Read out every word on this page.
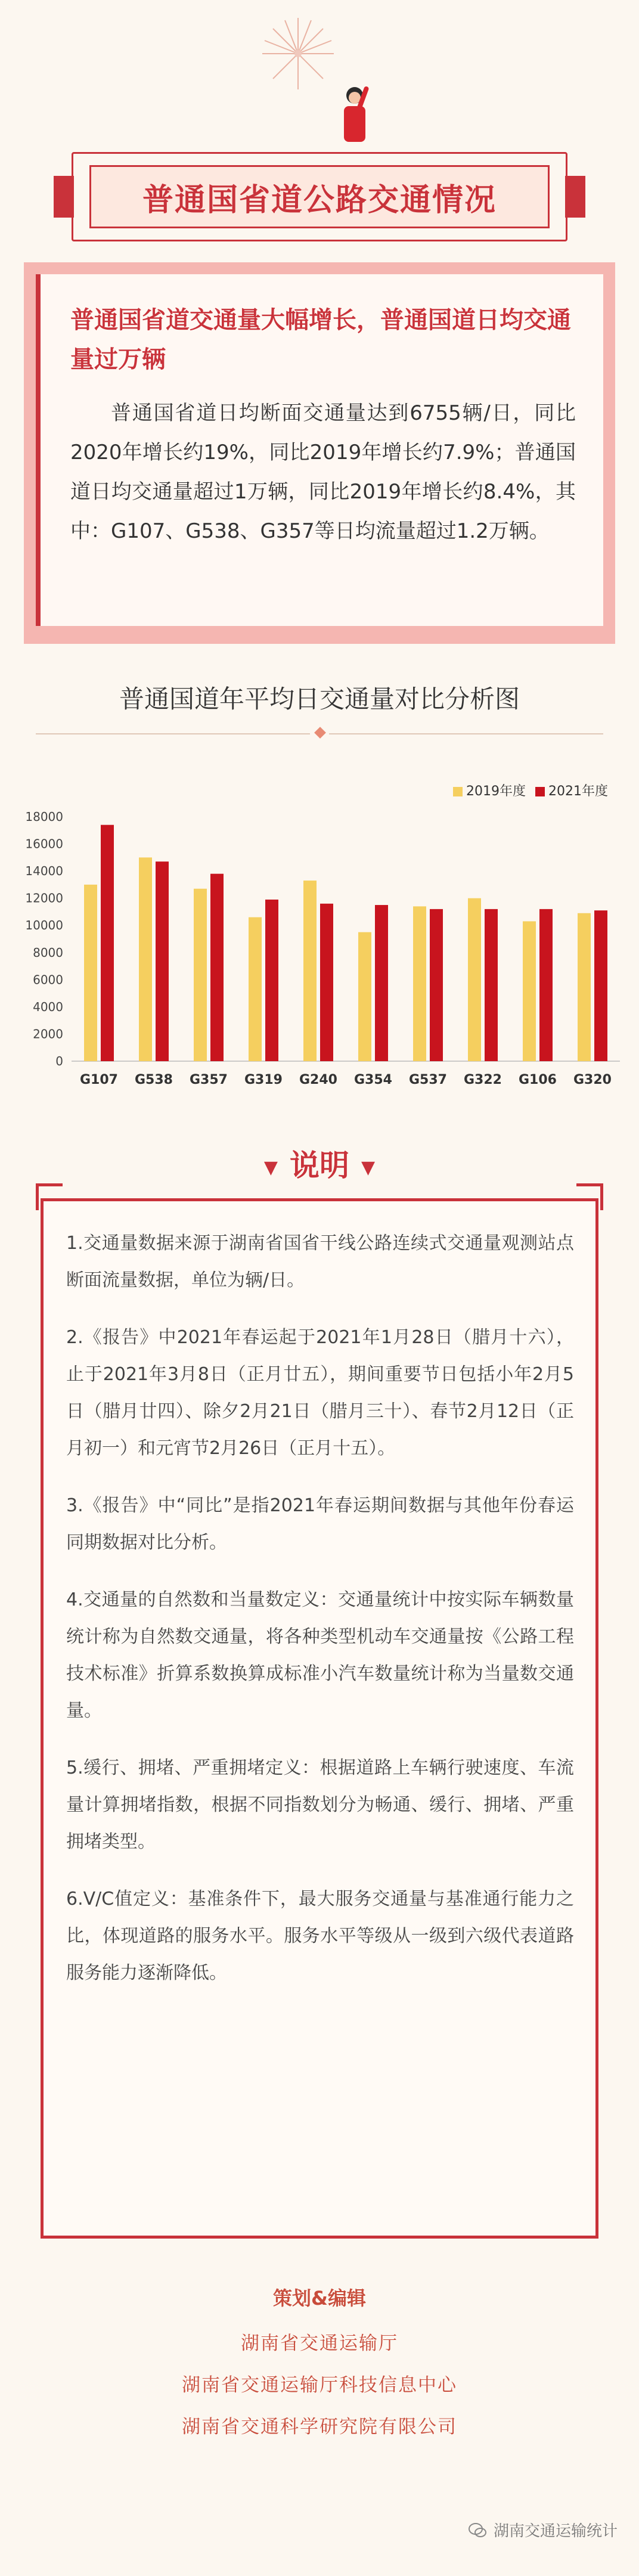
普通国省道公路交通情况

普通国省道交通量大幅增长，普通国道日均交通量过万辆

普通国省道日均断面交通量达到6755辆/日，同比2020年增长约19%，同比2019年增长约7.9%；普通国道日均交通量超过1万辆，同比2019年增长约8.4%，其中：G107、G538、G357等日均流量超过1.2万辆。

普通国道年平均日交通量对比分析图
2019年度 2021年度
0
2000
4000
6000
8000
10000
12000
14000
16000
18000
G107 G538 G357 G319 G240 G354 G537 G322 G106 G320
▼ 说明 ▼

1.交通量数据来源于湖南省国省干线公路连续式交通量观测站点断面流量数据，单位为辆/日。

2.《报告》中2021年春运起于2021年1月28日（腊月十六），止于2021年3月8日（正月廿五），期间重要节日包括小年2月5日（腊月廿四）、除夕2月21日（腊月三十）、春节2月12日（正月初一）和元宵节2月26日（正月十五）。

3.《报告》中“同比”是指2021年春运期间数据与其他年份春运同期数据对比分析。

4.交通量的自然数和当量数定义：交通量统计中按实际车辆数量统计称为自然数交通量，将各种类型机动车交通量按《公路工程技术标准》折算系数换算成标准小汽车数量统计称为当量数交通量。

5.缓行、拥堵、严重拥堵定义：根据道路上车辆行驶速度、车流量计算拥堵指数，根据不同指数划分为畅通、缓行、拥堵、严重拥堵类型。

6.V/C值定义：基准条件下，最大服务交通量与基准通行能力之比，体现道路的服务水平。服务水平等级从一级到六级代表道路服务能力逐渐降低。

策划&编辑
湖南省交通运输厅
湖南省交通运输厅科技信息中心
湖南省交通科学研究院有限公司
湖南交通运输统计
